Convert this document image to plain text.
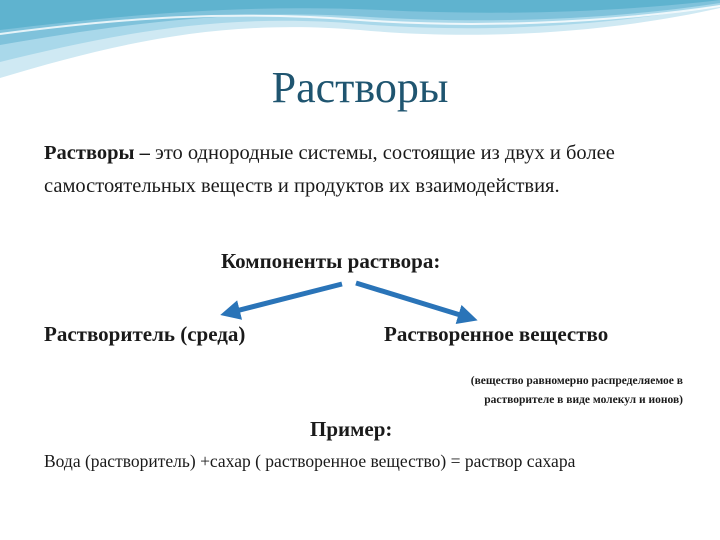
Растворы
Растворы – это однородные системы, состоящие из двух и более самостоятельных веществ и продуктов их взаимодействия.
Компоненты раствора:
Растворитель (среда)	Растворенное вещество
(вещество равномерно распределяемое в растворителе в виде молекул и ионов)
Пример:
Вода (растворитель) +сахар ( растворенное вещество) = раствор сахара
